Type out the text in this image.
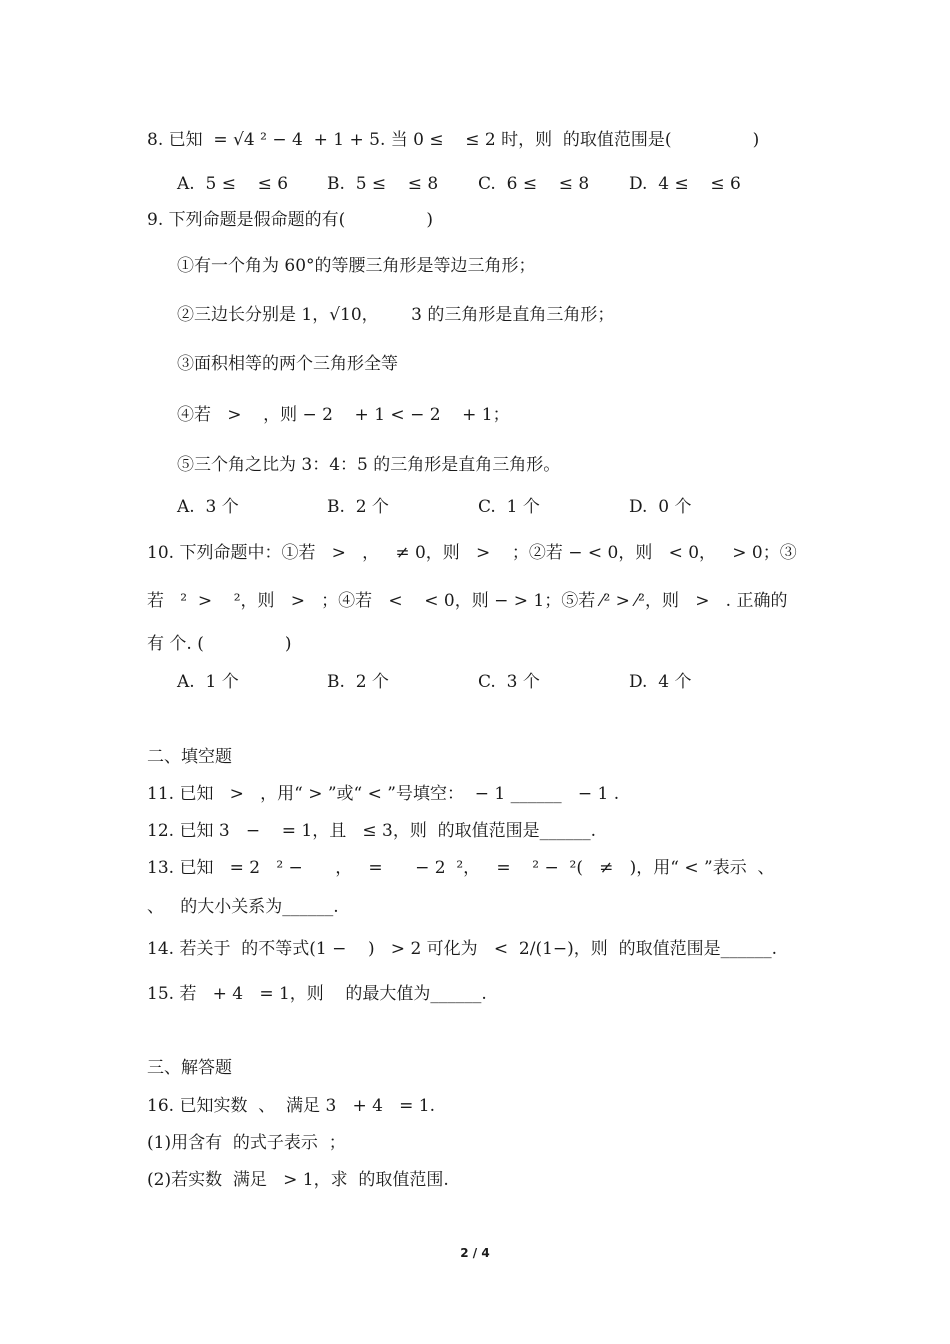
8. 已知  = √4 ² − 4  + 1 + 5. 当 0 ≤    ≤ 2 时，则  的取值范围是(               )
A.  5 ≤    ≤ 6 B.  5 ≤    ≤ 8 C.  6 ≤    ≤ 8 D.  4 ≤    ≤ 6
9. 下列命题是假命题的有(               )
①有一个角为 60°的等腰三角形是等边三角形；
②三边长分别是 1，√10，      3 的三角形是直角三角形；
③面积相等的两个三角形全等
④若   >    ，则 − 2    + 1 < − 2    + 1；
⑤三个角之比为 3：4：5 的三角形是直角三角形。
A.  3 个	B.  2 个	C.  1 个	D.  0 个
10. 下列命题中：①若   >   ，   ≠ 0，则   >    ；②若 − < 0，则   < 0，   > 0；③
若   ²  >    ²，则   >   ；④若   <    < 0，则 − > 1；⑤若 ⁄² > ⁄²，则   >   . 正确的
有 个. (               )
A.  1 个	B.  2 个	C.  3 个	D.  4 个
二、填空题
11. 已知   >   ，用“ > ”或“ < ”号填空：  − 1 ______   − 1 .
12. 已知 3   −    = 1，且   ≤ 3，则  的取值范围是______.
13. 已知   = 2   ² −      ，   =      − 2  ²，   =    ² −  ²(   ≠   )，用“ < ”表示  、
、   的大小关系为______.
14. 若关于  的不等式(1 −    )   > 2 可化为   <  2/(1−)，则  的取值范围是______.
15. 若   + 4   = 1，则    的最大值为______.
三、解答题
16. 已知实数  、  满足 3   + 4   = 1.
(1)用含有  的式子表示  ；
(2)若实数  满足   > 1，求  的取值范围.
2 / 4
